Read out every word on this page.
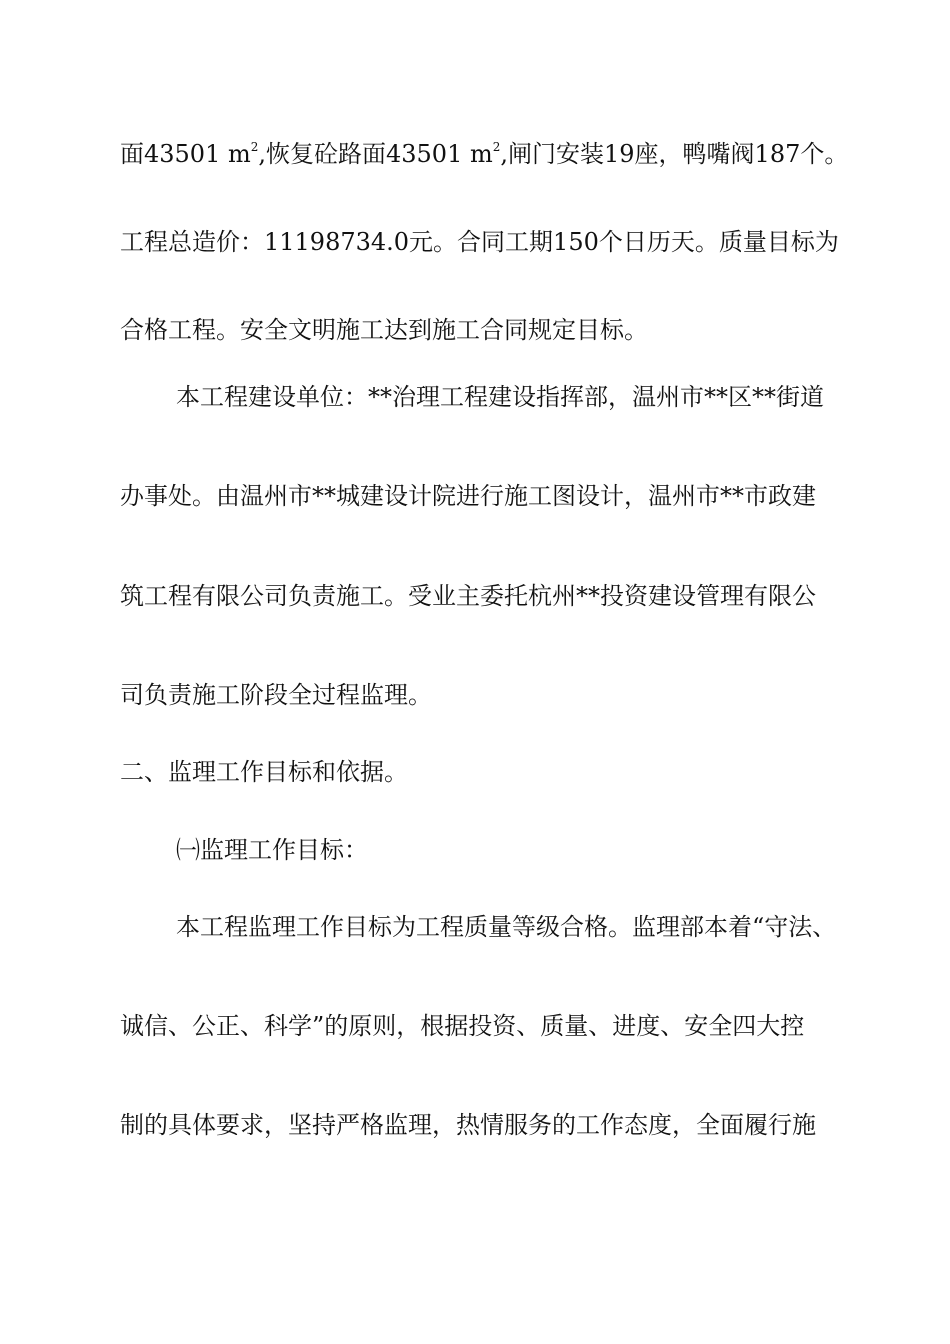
面43501 $m^2$,恢复砼路面43501 $m^2$,闸门安装19座，鸭嘴阀187个。
工程总造价：11198734.0元。合同工期150个日历天。质量目标为
合格工程。安全文明施工达到施工合同规定目标。
本工程建设单位：**治理工程建设指挥部，温州市**区**街道
办事处。由温州市**城建设计院进行施工图设计，温州市**市政建
筑工程有限公司负责施工。受业主委托杭州**投资建设管理有限公
司负责施工阶段全过程监理。
二、监理工作目标和依据。
㈠监理工作目标：
本工程监理工作目标为工程质量等级合格。监理部本着“守法、
诚信、公正、科学”的原则，根据投资、质量、进度、安全四大控
制的具体要求，坚持严格监理，热情服务的工作态度，全面履行施
